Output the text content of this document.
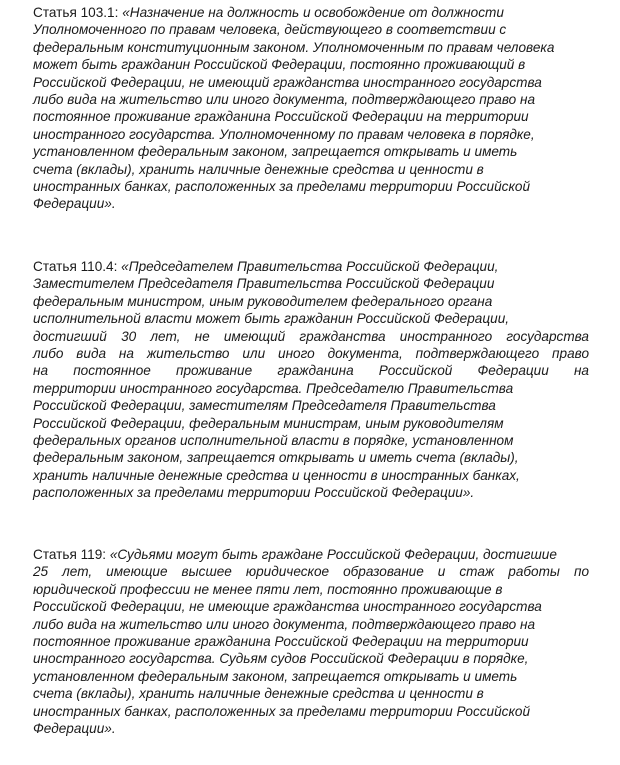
Статья 103.1: «Назначение на должность и освобождение от должности
Уполномоченного по правам человека, действующего в соответствии с
федеральным конституционным законом. Уполномоченным по правам человека
может быть гражданин Российской Федерации, постоянно проживающий в
Российской Федерации, не имеющий гражданства иностранного государства
либо вида на жительство или иного документа, подтверждающего право на
постоянное проживание гражданина Российской Федерации на территории
иностранного государства. Уполномоченному по правам человека в порядке,
установленном федеральным законом, запрещается открывать и иметь
счета (вклады), хранить наличные денежные средства и ценности в
иностранных банках, расположенных за пределами территории Российской
Федерации».
Статья 110.4: «Председателем Правительства Российской Федерации,
Заместителем Председателя Правительства Российской Федерации
федеральным министром, иным руководителем федерального органа
исполнительной власти может быть гражданин Российской Федерации,
достигший 30 лет, не имеющий гражданства иностранного государства
либо вида на жительство или иного документа, подтверждающего право
на постоянное проживание гражданина Российской Федерации на
территории иностранного государства. Председателю Правительства
Российской Федерации, заместителям Председателя Правительства
Российской Федерации, федеральным министрам, иным руководителям
федеральных органов исполнительной власти в порядке, установленном
федеральным законом, запрещается открывать и иметь счета (вклады),
хранить наличные денежные средства и ценности в иностранных банках,
расположенных за пределами территории Российской Федерации».
Статья 119: «Судьями могут быть граждане Российской Федерации, достигшие
25 лет, имеющие высшее юридическое образование и стаж работы по
юридической профессии не менее пяти лет, постоянно проживающие в
Российской Федерации, не имеющие гражданства иностранного государства
либо вида на жительство или иного документа, подтверждающего право на
постоянное проживание гражданина Российской Федерации на территории
иностранного государства. Судьям судов Российской Федерации в порядке,
установленном федеральным законом, запрещается открывать и иметь
счета (вклады), хранить наличные денежные средства и ценности в
иностранных банках, расположенных за пределами территории Российской
Федерации».
